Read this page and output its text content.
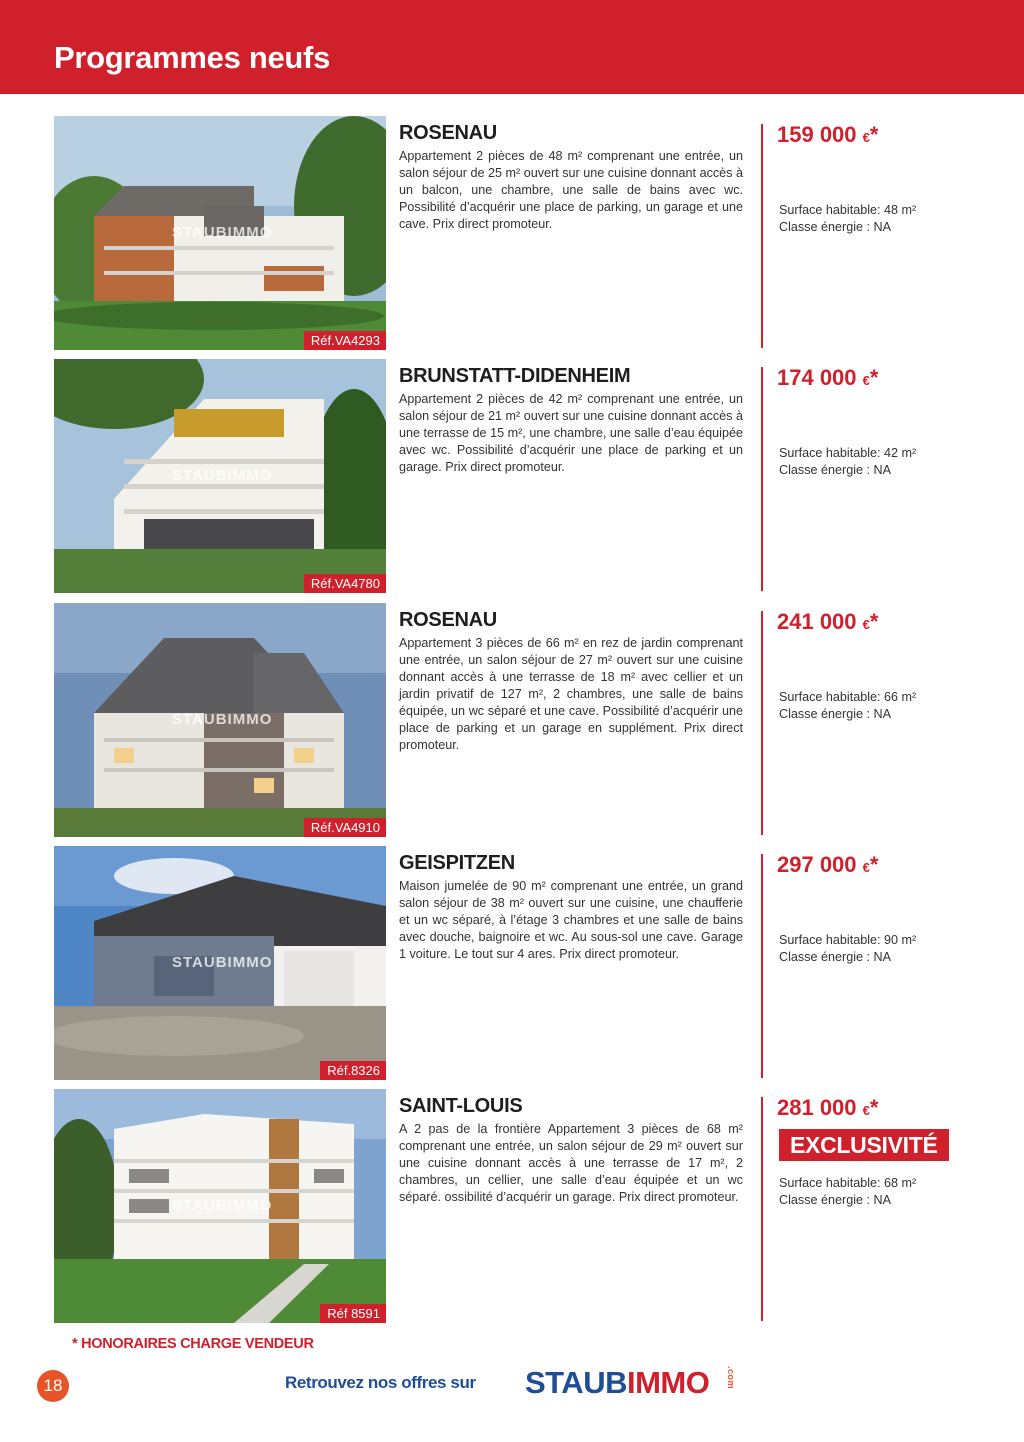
Programmes neufs
STAUBIMMO
Réf.VA4293
ROSENAU

Appartement 2 pièces de 48 m² comprenant une entrée, un salon séjour de 25 m² ouvert sur une cuisine donnant accès à un balcon, une chambre, une salle de bains avec wc. Possibilité d’acquérir une place de parking, un garage et une cave. Prix direct promoteur.

159 000 €*
Surface habitable: 48 m²
Classe énergie : NA
STAUBIMMO
Réf.VA4780
BRUNSTATT-DIDENHEIM

Appartement 2 pièces de 42 m² comprenant une entrée, un salon séjour de 21 m² ouvert sur une cuisine donnant accès à une terrasse de 15 m², une chambre, une salle d’eau équipée avec wc. Possibilité d’acquérir une place de parking et un garage. Prix direct promoteur.

174 000 €*
Surface habitable: 42 m²
Classe énergie : NA
STAUBIMMO
Réf.VA4910
ROSENAU

Appartement 3 pièces de 66 m² en rez de jardin comprenant une entrée, un salon séjour de 27 m² ouvert sur une cuisine donnant accès à une terrasse de 18 m² avec cellier et un jardin privatif de 127 m², 2 chambres, une salle de bains équipée, un wc séparé et une cave. Possibilité d’acquérir une place de parking et un garage en supplément. Prix direct promoteur.

241 000 €*
Surface habitable: 66 m²
Classe énergie : NA
STAUBIMMO
Réf.8326
GEISPITZEN

Maison jumelée de 90 m² comprenant une entrée, un grand salon séjour de 38 m² ouvert sur une cuisine, une chaufferie et un wc séparé, à l’étage 3 chambres et une salle de bains avec douche, baignoire et wc. Au sous-sol une cave. Garage 1 voiture. Le tout sur 4 ares. Prix direct promoteur.

297 000 €*
Surface habitable: 90 m²
Classe énergie : NA
STAUBIMMO
Réf 8591
SAINT-LOUIS

A 2 pas de la frontière Appartement 3 pièces de 68 m² comprenant une entrée, un salon séjour de 29 m² ouvert sur une cuisine donnant accès à une terrasse de 17 m², 2 chambres, un cellier, une salle d’eau équipée et un wc séparé. ossibilité d’acquérir un garage. Prix direct promoteur.

281 000 €*
EXCLUSIVITÉ
Surface habitable: 68 m²
Classe énergie : NA
* HONORAIRES CHARGE VENDEUR
18	Retrouvez nos offres sur STAUBIMMO .com
